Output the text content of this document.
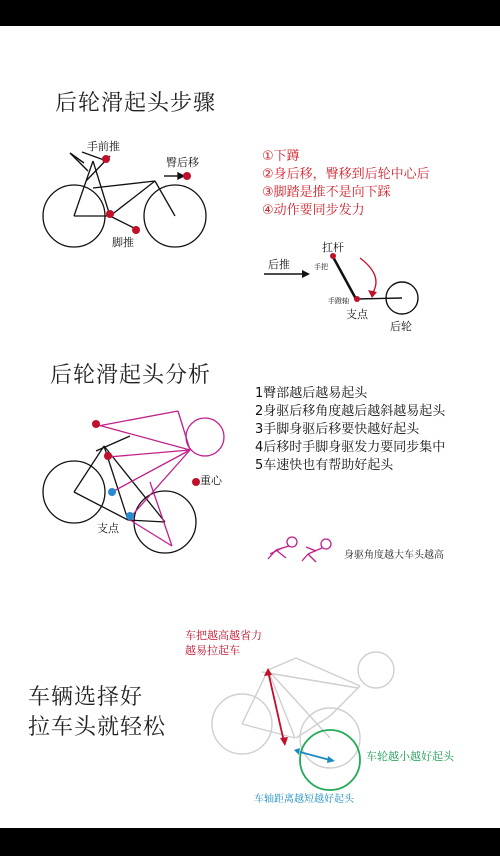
后轮滑起头步骤
手前推
臀后移
脚推
①下蹲
②身后移，臀移到后轮中心后
③脚踏是推不是向下踩
④动作要同步发力
后推
扛杆
手把
手蹬轴
支点
后轮
后轮滑起头分析
1臀部越后越易起头
2身驱后移角度越后越斜越易起头
3手脚身驱后移要快越好起头
4后移时手脚身驱发力要同步集中
5车速快也有帮助好起头
重心
支点
身驱角度越大车头越高
车辆选择好
拉车头就轻松
车把越高越省力
越易拉起车
车轮越小越好起头
车轴距离越短越好起头
